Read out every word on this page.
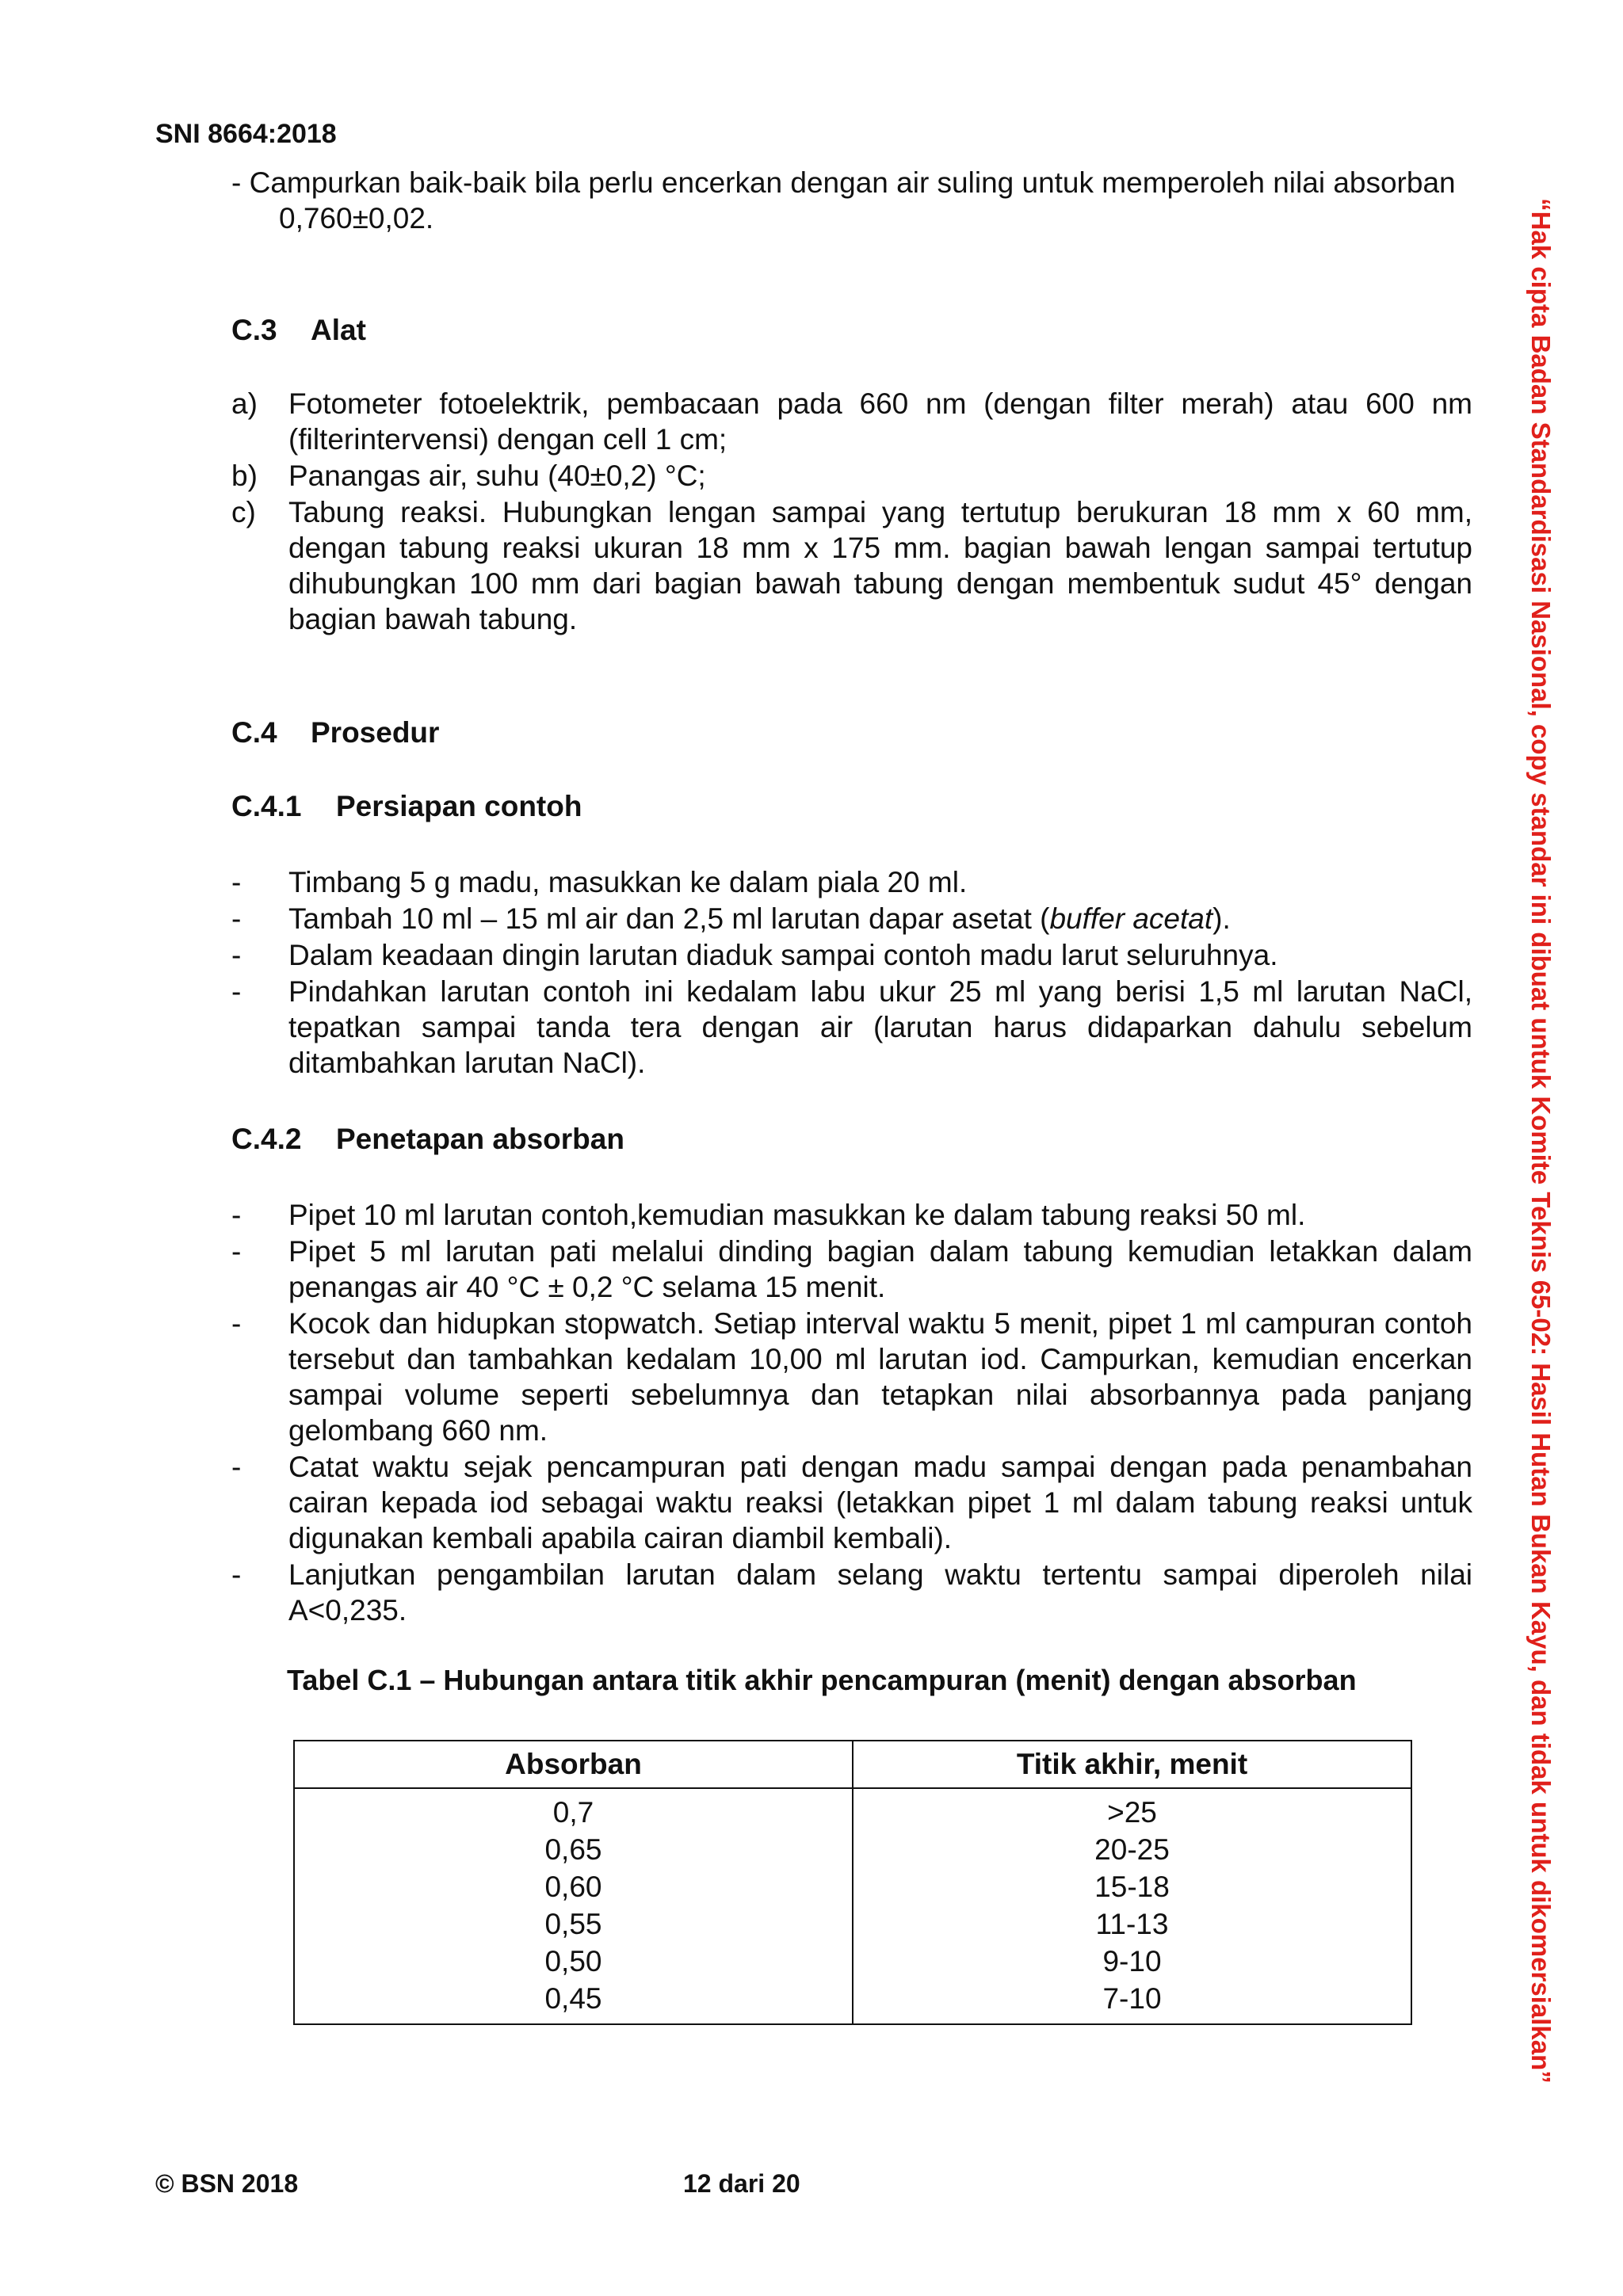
SNI 8664:2018
- Campurkan baik-baik bila perlu encerkan dengan air suling untuk memperoleh nilai absorban
0,760±0,02.
C.3 Alat
a) Fotometer fotoelektrik, pembacaan pada 660 nm (dengan filter merah) atau 600 nm (filterintervensi) dengan cell 1 cm;
b) Panangas air, suhu (40±0,2) °C;
c) Tabung reaksi. Hubungkan lengan sampai yang tertutup berukuran 18 mm x 60 mm, dengan tabung reaksi ukuran 18 mm x 175 mm. bagian bawah lengan sampai tertutup dihubungkan 100 mm dari bagian bawah tabung dengan membentuk sudut 45° dengan bagian bawah tabung.
C.4 Prosedur
C.4.1 Persiapan contoh
- Timbang 5 g madu, masukkan ke dalam piala 20 ml.
- Tambah 10 ml – 15 ml air dan 2,5 ml larutan dapar asetat (buffer acetat).
- Dalam keadaan dingin larutan diaduk sampai contoh madu larut seluruhnya.
- Pindahkan larutan contoh ini kedalam labu ukur 25 ml yang berisi 1,5 ml larutan NaCl, tepatkan sampai tanda tera dengan air (larutan harus didaparkan dahulu sebelum ditambahkan larutan NaCl).
C.4.2 Penetapan absorban
- Pipet 10 ml larutan contoh,kemudian masukkan ke dalam tabung reaksi 50 ml.
- Pipet 5 ml larutan pati melalui dinding bagian dalam tabung kemudian letakkan dalam penangas air 40 °C ± 0,2 °C selama 15 menit.
- Kocok dan hidupkan stopwatch. Setiap interval waktu 5 menit, pipet 1 ml campuran contoh tersebut dan tambahkan kedalam 10,00 ml larutan iod. Campurkan, kemudian encerkan sampai volume seperti sebelumnya dan tetapkan nilai absorbannya pada panjang gelombang 660 nm.
- Catat waktu sejak pencampuran pati dengan madu sampai dengan pada penambahan cairan kepada iod sebagai waktu reaksi (letakkan pipet 1 ml dalam tabung reaksi untuk digunakan kembali apabila cairan diambil kembali).
- Lanjutkan pengambilan larutan dalam selang waktu tertentu sampai diperoleh nilai A<0,235.
Tabel C.1 – Hubungan antara titik akhir pencampuran (menit) dengan absorban
Absorban	Titik akhir, menit
0,7	>25
0,65	20-25
0,60	15-18
0,55	11-13
0,50	9-10
0,45	7-10
© BSN 2018	12 dari 20
“Hak cipta Badan Standardisasi Nasional, copy standar ini dibuat untuk Komite Teknis 65-02: Hasil Hutan Bukan Kayu, dan tidak untuk dikomersialkan”
